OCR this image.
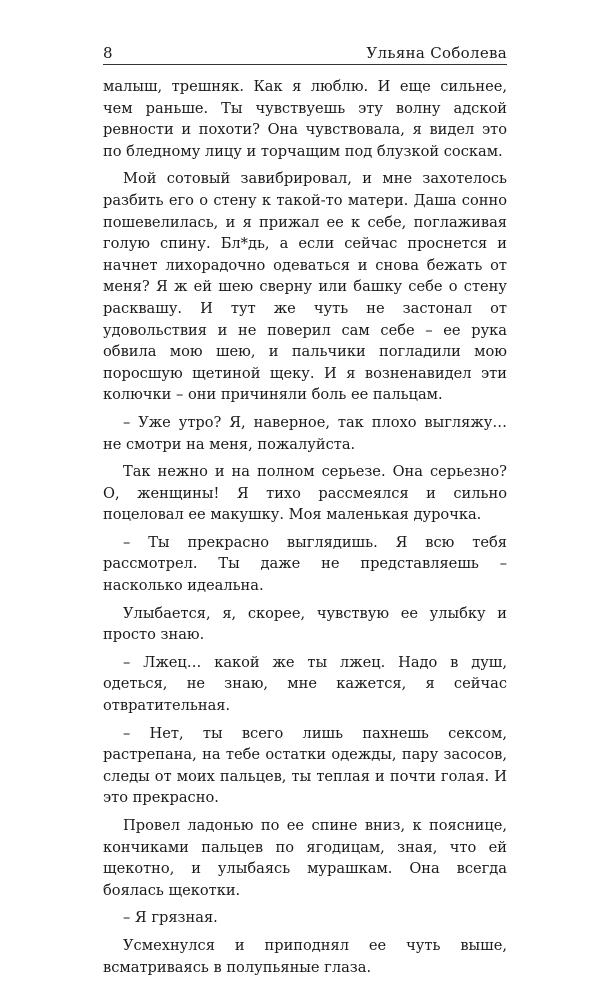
8	Ульяна Соболева

малыш, трешняк. Как я люблю. И еще сильнее, чем раньше. Ты чувствуешь эту волну адской ревности и похоти? Она чувствовала, я видел это по бледному лицу и торчащим под блузкой соскам.

Мой сотовый завибрировал, и мне захотелось разбить его о стену к такой-то матери. Даша сонно пошевелилась, и я прижал ее к себе, поглаживая голую спину. Бл*дь, а если сейчас проснется и начнет лихорадочно одеваться и снова бежать от меня? Я ж ей шею сверну или башку себе о стену расквашу. И тут же чуть не застонал от удовольствия и не поверил сам себе – ее рука обвила мою шею, и пальчики погладили мою поросшую щетиной щеку. И я возненавидел эти колючки – они причиняли боль ее пальцам.

– Уже утро? Я, наверное, так плохо выгляжу… не смотри на меня, пожалуйста.

Так нежно и на полном серьезе. Она серьезно? О, женщины! Я тихо рассмеялся и сильно поцеловал ее макушку. Моя маленькая дурочка.

– Ты прекрасно выглядишь. Я всю тебя рассмотрел. Ты даже не представляешь – насколько идеальна.

Улыбается, я, скорее, чувствую ее улыбку и просто знаю.

– Лжец… какой же ты лжец. Надо в душ, одеться, не знаю, мне кажется, я сейчас отвратительная.

– Нет, ты всего лишь пахнешь сексом, растрепана, на тебе остатки одежды, пару засосов, следы от моих пальцев, ты теплая и почти голая. И это прекрасно.

Провел ладонью по ее спине вниз, к пояснице, кончиками пальцев по ягодицам, зная, что ей щекотно, и улыбаясь мурашкам. Она всегда боялась щекотки.

– Я грязная.

Усмехнулся и приподнял ее чуть выше, всматриваясь в полупьяные глаза.
